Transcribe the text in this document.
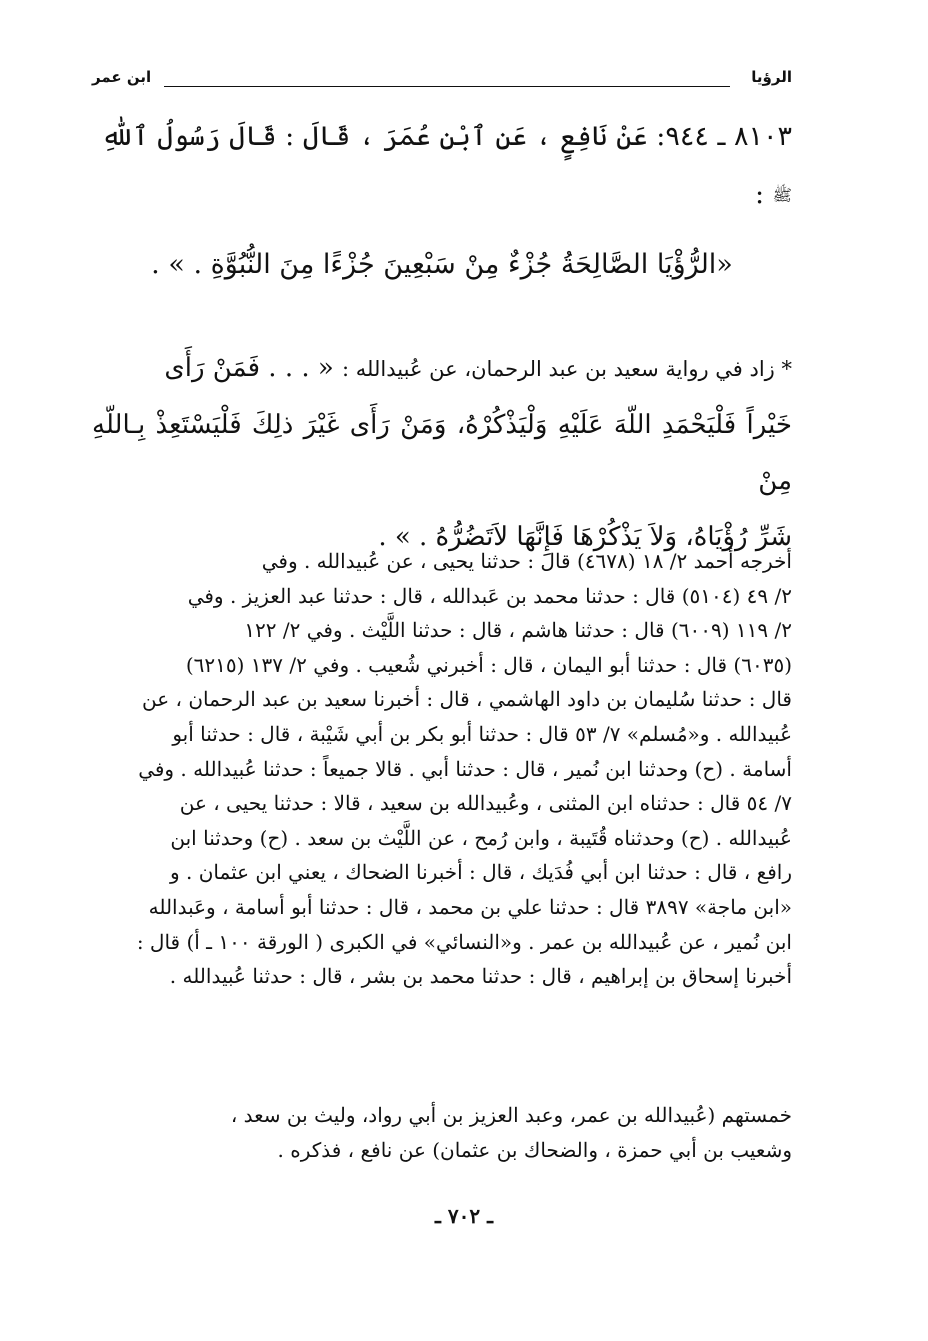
الرؤيا
ابن عمر
٨١٠٣ ـ ٩٤٤: عَنْ نَافِعٍ ، عَنِ ٱبْنِ عُمَرَ ، قَالَ : قَالَ رَسُولُ ٱللّٰهِ
ﷺ :
«الرُّؤْيَا الصَّالِحَةُ جُزْءٌ مِنْ سَبْعِينَ جُزْءًا مِنَ النُّبُوَّةِ . » .
* زاد في رواية سعيد بن عبد الرحمان، عن عُبيدالله : « . . . فَمَنْ رَأَى
خَيْراً فَلْيَحْمَدِ اللّهَ عَلَيْهِ وَلْيَذْكُرْهُ، وَمَنْ رَأَى غَيْرَ ذلِكَ فَلْيَسْتَعِذْ بِـاللّهِ مِنْ
شَرِّ رُؤْيَاهُ، وَلاَ يَذْكُرْهَا فَإِنَّهَا لاَتَضُرُّهُ . » .
أخرجه أحمد ٢/ ١٨ (٤٦٧٨) قال : حدثنا يحيى ، عن عُبيدالله . وفي
٢/ ٤٩ (٥١٠٤) قال : حدثنا محمد بن عَبدالله ، قال : حدثنا عبد العزيز . وفي
٢/ ١١٩ (٦٠٠٩) قال : حدثنا هاشم ، قال : حدثنا اللَّيْث . وفي ٢/ ١٢٢
(٦٠٣٥) قال : حدثنا أبو اليمان ، قال : أخبرني شُعيب . وفي ٢/ ١٣٧ (٦٢١٥)
قال : حدثنا سُليمان بن داود الهاشمي ، قال : أخبرنا سعيد بن عبد الرحمان ، عن
عُبيدالله . و«مُسلم» ٧/ ٥٣ قال : حدثنا أبو بكر بن أبي شَيْبة ، قال : حدثنا أبو
أسامة . (ح) وحدثنا ابن نُمير ، قال : حدثنا أبي . قالا جميعاً : حدثنا عُبيدالله . وفي
٧/ ٥٤ قال : حدثناه ابن المثنى ، وعُبيدالله بن سعيد ، قالا : حدثنا يحيى ، عن
عُبيدالله . (ح) وحدثناه قُتَيبة ، وابن رُمح ، عن اللَّيْث بن سعد . (ح) وحدثنا ابن
رافع ، قال : حدثنا ابن أبي فُدَيك ، قال : أخبرنا الضحاك ، يعني ابن عثمان . و
«ابن ماجة» ٣٨٩٧ قال : حدثنا علي بن محمد ، قال : حدثنا أبو أسامة ، وعَبدالله
ابن نُمير ، عن عُبيدالله بن عمر . و«النسائي» في الكبرى ( الورقة ١٠٠ ـ أ) قال :
أخبرنا إسحاق بن إبراهيم ، قال : حدثنا محمد بن بشر ، قال : حدثنا عُبيدالله .
خمستهم (عُبيدالله بن عمر، وعبد العزيز بن أبي رواد، وليث بن سعد ،
وشعيب بن أبي حمزة ، والضحاك بن عثمان) عن نافع ، فذكره .
ـ ٧٠٢ ـ
